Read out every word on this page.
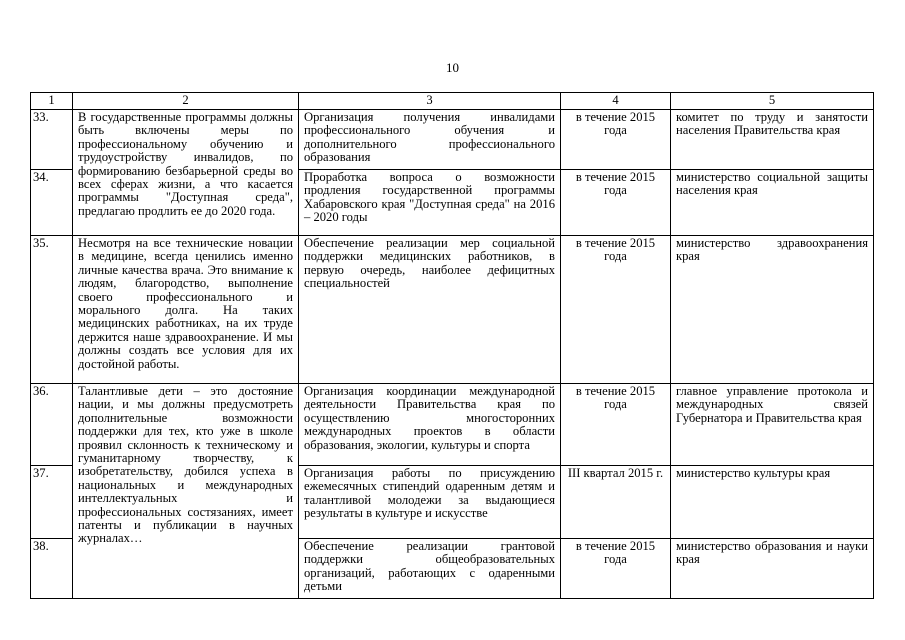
10
1	2	3	4	5
33.	В государственные программы должны быть включены меры по профессиональному обучению и трудоустройству инвалидов, по формированию безбарьерной среды во всех сферах жизни, а что касается программы "Доступная среда", предлагаю продлить ее до 2020 года.	Организация получения инвалидами профессионального обучения и дополнительного профессионального образования	в течение 2015 года	комитет по труду и занятости населения Правительства края
34.		Проработка вопроса о возможности продления государственной программы Хабаровского края "Доступная среда" на 2016 – 2020 годы	в течение 2015 года	министерство социальной защиты населения края
35.	Несмотря на все технические новации в медицине, всегда ценились именно личные качества врача. Это внимание к людям, благородство, выполнение своего профессионального и морального долга. На таких медицинских работниках, на их труде держится наше здравоохранение. И мы должны создать все условия для их достойной работы.	Обеспечение реализации мер социальной поддержки медицинских работников, в первую очередь, наиболее дефицитных специальностей	в течение 2015 года	министерство здравоохранения края
36.	Талантливые дети – это достояние нации, и мы должны предусмотреть дополнительные возможности поддержки для тех, кто уже в школе проявил склонность к техническому и гуманитарному творчеству, к изобретательству, добился успеха в национальных и международных интеллектуальных и профессиональных состязаниях, имеет патенты и публикации в научных журналах…	Организация координации международной деятельности Правительства края по осуществлению многосторонних международных проектов в области образования, экологии, культуры и спорта	в течение 2015 года	главное управление протокола и международных связей Губернатора и Правительства края
37.		Организация работы по присуждению ежемесячных стипендий одаренным детям и талантливой молодежи за выдающиеся результаты в культуре и искусстве	III квартал 2015 г.	министерство культуры края
38.		Обеспечение реализации грантовой поддержки общеобразовательных организаций, работающих с одаренными детьми	в течение 2015 года	министерство образования и науки края
